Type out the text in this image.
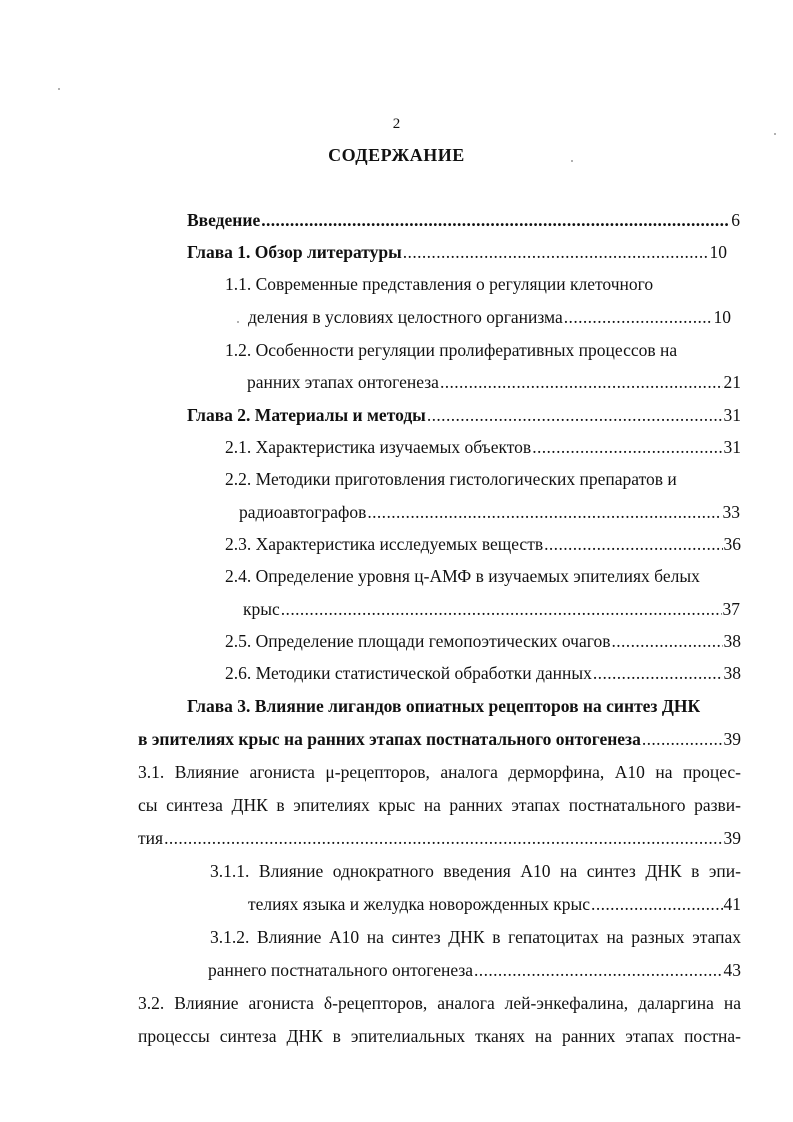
2
СОДЕРЖАНИЕ
Введение .....	6
Глава 1. Обзор литературы .....	10
1.1. Современные представления о регуляции клеточного
деления в условиях целостного организма .....	10
1.2. Особенности регуляции пролиферативных процессов на
ранних этапах онтогенеза .....	21
Глава 2. Материалы и методы .....	31
2.1. Характеристика изучаемых объектов .....	31
2.2. Методики приготовления гистологических препаратов и
радиоавтографов .....	33
2.3. Характеристика исследуемых веществ .....	36
2.4. Определение уровня ц-АМФ в изучаемых эпителиях белых
крыс .....	37
2.5. Определение площади гемопоэтических очагов .....	38
2.6. Методики статистической обработки данных .....	38
Глава 3. Влияние лигандов опиатных рецепторов на синтез ДНК
в эпителиях крыс на ранних этапах постнатального онтогенеза .....	39
3.1. Влияние агониста μ-рецепторов, аналога дерморфина, А10 на процес-
сы синтеза ДНК в эпителиях крыс на ранних этапах постнатального разви-
тия .....	39
3.1.1. Влияние однократного введения А10 на синтез ДНК в эпи-
телиях языка и желудка новорожденных крыс .....	41
3.1.2. Влияние А10 на синтез ДНК в гепатоцитах на разных этапах
раннего постнатального онтогенеза .....	43
3.2. Влияние агониста δ-рецепторов, аналога лей-энкефалина, даларгина на
процессы синтеза ДНК в эпителиальных тканях на ранних этапах постна-
